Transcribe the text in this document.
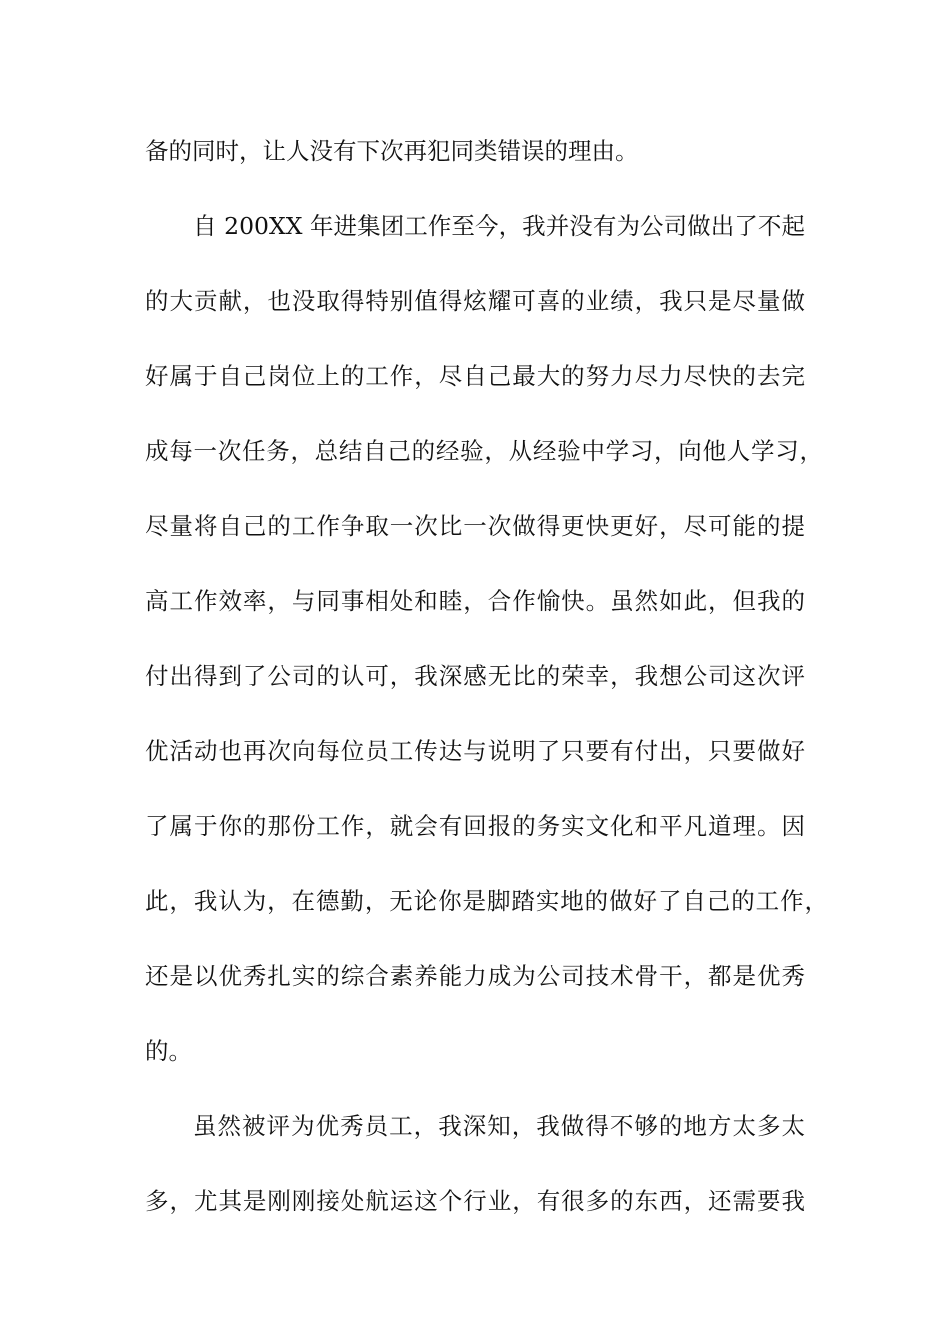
备的同时，让人没有下次再犯同类错误的理由。
自 200XX 年进集团工作至今，我并没有为公司做出了不起
的大贡献，也没取得特别值得炫耀可喜的业绩，我只是尽量做
好属于自己岗位上的工作，尽自己最大的努力尽力尽快的去完
成每一次任务，总结自己的经验，从经验中学习，向他人学习，
尽量将自己的工作争取一次比一次做得更快更好，尽可能的提
高工作效率，与同事相处和睦，合作愉快。虽然如此，但我的
付出得到了公司的认可，我深感无比的荣幸，我想公司这次评
优活动也再次向每位员工传达与说明了只要有付出，只要做好
了属于你的那份工作，就会有回报的务实文化和平凡道理。因
此，我认为，在德勤，无论你是脚踏实地的做好了自己的工作，
还是以优秀扎实的综合素养能力成为公司技术骨干，都是优秀
的。
虽然被评为优秀员工，我深知，我做得不够的地方太多太
多，尤其是刚刚接处航运这个行业，有很多的东西，还需要我
